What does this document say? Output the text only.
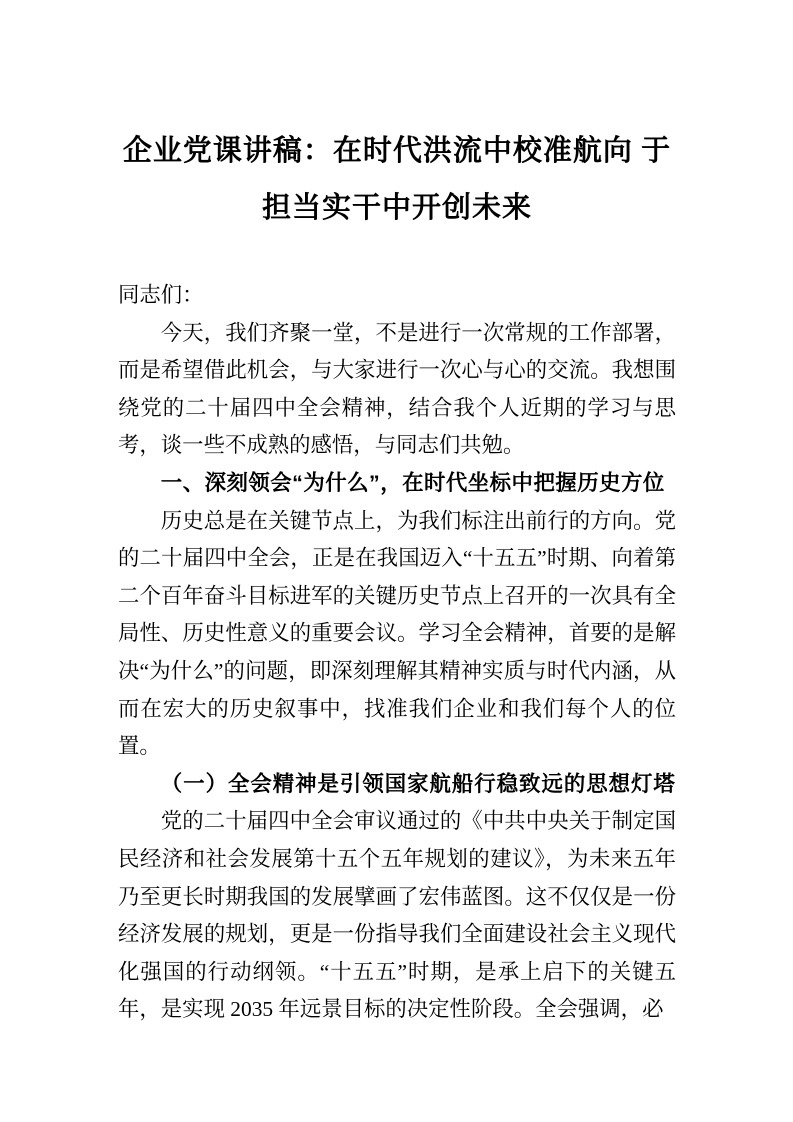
企业党课讲稿：在时代洪流中校准航向 于
担当实干中开创未来

同志们：

今天，我们齐聚一堂，不是进行一次常规的工作部署，而是希望借此机会，与大家进行一次心与心的交流。我想围绕党的二十届四中全会精神，结合我个人近期的学习与思考，谈一些不成熟的感悟，与同志们共勉。

一、深刻领会“为什么”，在时代坐标中把握历史方位

历史总是在关键节点上，为我们标注出前行的方向。党的二十届四中全会，正是在我国迈入“十五五”时期、向着第二个百年奋斗目标进军的关键历史节点上召开的一次具有全局性、历史性意义的重要会议。学习全会精神，首要的是解决“为什么”的问题，即深刻理解其精神实质与时代内涵，从而在宏大的历史叙事中，找准我们企业和我们每个人的位置。

（一）全会精神是引领国家航船行稳致远的思想灯塔

党的二十届四中全会审议通过的《中共中央关于制定国民经济和社会发展第十五个五年规划的建议》，为未来五年乃至更长时期我国的发展擘画了宏伟蓝图。这不仅仅是一份经济发展的规划，更是一份指导我们全面建设社会主义现代化强国的行动纲领。“十五五”时期，是承上启下的关键五年，是实现 2035 年远景目标的决定性阶段。全会强调，必
